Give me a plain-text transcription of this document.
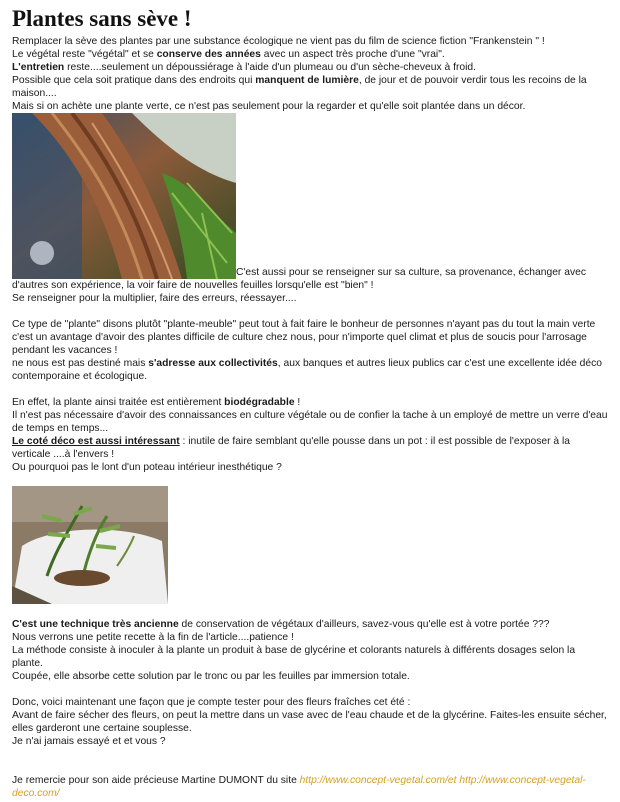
Plantes sans sève !

Remplacer la sève des plantes par une substance écologique ne vient pas du film de science fiction "Frankenstein " !

Le végétal reste "végétal" et se conserve des années avec un aspect très proche d'une "vrai".

L'entretien reste....seulement un dépoussiérage à l'aide d'un plumeau ou d'un sèche-cheveux à froid.

Possible que cela soit pratique dans des endroits qui manquent de lumière, de jour et de pouvoir verdir tous les recoins de la maison....

Mais si on achète une plante verte, ce n'est pas seulement pour la regarder et qu'elle soit plantée dans un décor.

C'est aussi pour se renseigner sur sa culture, sa provenance, échanger avec d'autres son expérience, la voir faire de nouvelles feuilles lorsqu'elle est "bien" !

Se renseigner pour la multiplier, faire des erreurs, réessayer....

Ce type de "plante" disons plutôt "plante-meuble" peut tout à fait faire le bonheur de personnes n'ayant pas du tout la main verte c'est un avantage d'avoir des plantes difficile de culture chez nous, pour n'importe quel climat et plus de soucis pour l'arrosage pendant les vacances !

ne nous est pas destiné mais s'adresse aux collectivités, aux banques et autres lieux publics car c'est une excellente idée déco contemporaine et écologique.

En effet, la plante ainsi traitée est entièrement biodégradable !

Il n'est pas nécessaire d'avoir des connaissances en culture végétale ou de confier la tache à un employé de mettre un verre d'eau de temps en temps...

Le coté déco est aussi intéressant : inutile de faire semblant qu'elle pousse dans un pot : il est possible de l'exposer à la verticale ....à l'envers !

Ou pourquoi pas le lont d'un poteau intérieur inesthétique ?

C'est une technique très ancienne de conservation de végétaux d'ailleurs, savez-vous qu'elle est à votre portée ???

Nous verrons une petite recette à la fin de l'article....patience !

La méthode consiste à inoculer à la plante un produit à base de glycérine et colorants naturels à différents dosages selon la plante.

Coupée, elle absorbe cette solution par le tronc ou par les feuilles par immersion totale.

Donc, voici maintenant une façon que je compte tester pour des fleurs fraîches cet été :

Avant de faire sécher des fleurs, on peut la mettre dans un vase avec de l'eau chaude et de la glycérine. Faites-les ensuite sécher, elles garderont une certaine souplesse.

Je n'ai jamais essayé et et vous ?

Je remercie pour son aide précieuse Martine DUMONT du site http://www.concept-vegetal.com/et http://www.concept-vegetal-deco.com/
